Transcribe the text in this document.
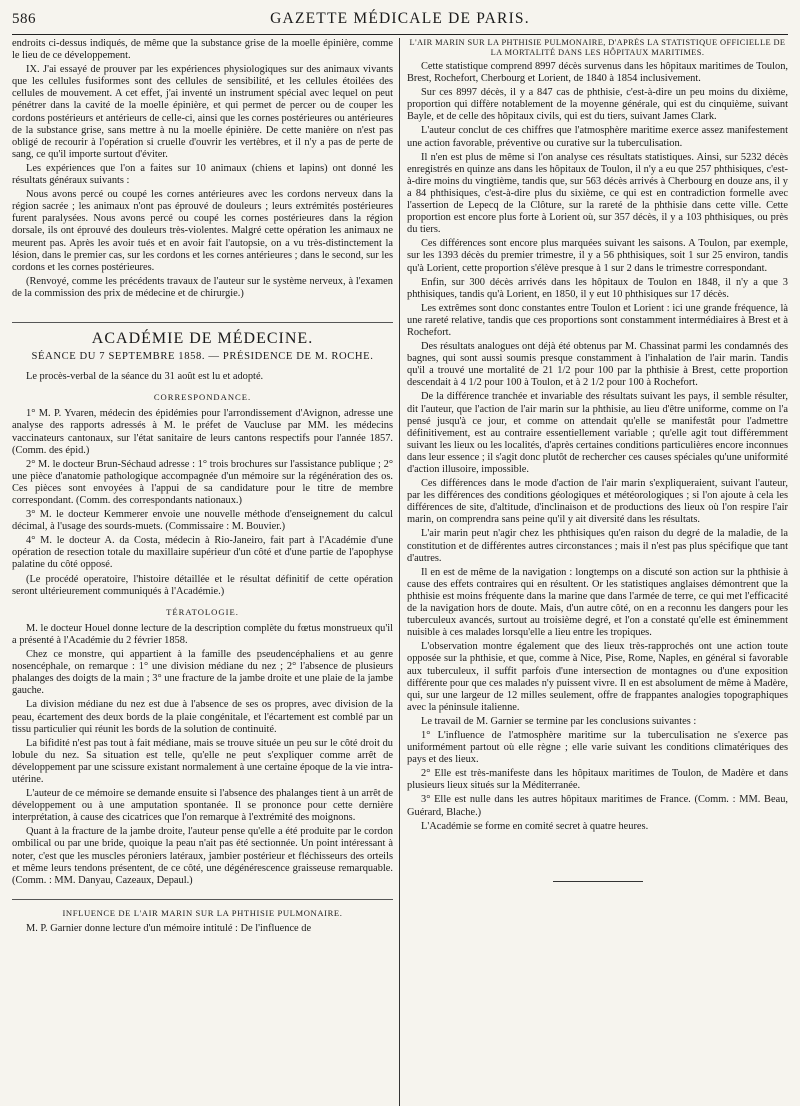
586	GAZETTE MÉDICALE DE PARIS.

endroits ci-dessus indiqués, de même que la substance grise de la moelle épinière, comme le lieu de ce développement.

IX. J'ai essayé de prouver par les expériences physiologiques sur des animaux vivants que les cellules fusiformes sont des cellules de sensibilité, et les cellules étoilées des cellules de mouvement. A cet effet, j'ai inventé un instrument spécial avec lequel on peut pénétrer dans la cavité de la moelle épinière, et qui permet de percer ou de couper les cordons postérieurs et antérieurs de celle-ci, ainsi que les cornes postérieures ou antérieures de la substance grise, sans mettre à nu la moelle épinière. De cette manière on n'est pas obligé de recourir à l'opération si cruelle d'ouvrir les vertèbres, et il n'y a pas de perte de sang, ce qu'il importe surtout d'éviter.

Les expériences que l'on a faites sur 10 animaux (chiens et lapins) ont donné les résultats généraux suivants :

Nous avons percé ou coupé les cornes antérieures avec les cordons nerveux dans la région sacrée ; les animaux n'ont pas éprouvé de douleurs ; leurs extrémités postérieures furent paralysées. Nous avons percé ou coupé les cornes postérieures dans la région dorsale, ils ont éprouvé des douleurs très-violentes. Malgré cette opération les animaux ne meurent pas. Après les avoir tués et en avoir fait l'autopsie, on a vu très-distinctement la lésion, dans le premier cas, sur les cordons et les cornes antérieures ; dans le second, sur les cordons et les cornes postérieures.

(Renvoyé, comme les précédents travaux de l'auteur sur le système nerveux, à l'examen de la commission des prix de médecine et de chirurgie.)

ACADÉMIE DE MÉDECINE.
SÉANCE DU 7 SEPTEMBRE 1858. — PRÉSIDENCE DE M. ROCHE.

Le procès-verbal de la séance du 31 août est lu et adopté.

CORRESPONDANCE.

1° M. P. Yvaren, médecin des épidémies pour l'arrondissement d'Avignon, adresse une analyse des rapports adressés à M. le préfet de Vaucluse par MM. les médecins vaccinateurs cantonaux, sur l'état sanitaire de leurs cantons respectifs pour l'année 1857. (Comm. des épid.)

2° M. le docteur Brun-Séchaud adresse : 1° trois brochures sur l'assistance publique ; 2° une pièce d'anatomie pathologique accompagnée d'un mémoire sur la régénération des os. Ces pièces sont envoyées à l'appui de sa candidature pour le titre de membre correspondant. (Comm. des correspondants nationaux.)

3° M. le docteur Kemmerer envoie une nouvelle méthode d'enseignement du calcul décimal, à l'usage des sourds-muets. (Commissaire : M. Bouvier.)

4° M. le docteur A. da Costa, médecin à Rio-Janeiro, fait part à l'Académie d'une opération de resection totale du maxillaire supérieur d'un côté et d'une partie de l'apophyse palatine du côté opposé.

(Le procédé operatoire, l'histoire détaillée et le résultat définitif de cette opération seront ultérieurement communiqués à l'Académie.)

TÉRATOLOGIE.

M. le docteur Houel donne lecture de la description complète du fœtus monstrueux qu'il a présenté à l'Académie du 2 février 1858.

Chez ce monstre, qui appartient à la famille des pseudencéphaliens et au genre nosencéphale, on remarque : 1° une division médiane du nez ; 2° l'absence de plusieurs phalanges des doigts de la main ; 3° une fracture de la jambe droite et une plaie de la jambe gauche.

La division médiane du nez est due à l'absence de ses os propres, avec division de la peau, écartement des deux bords de la plaie congénitale, et l'écartement est comblé par un tissu particulier qui réunit les bords de la solution de continuité.

La bifidité n'est pas tout à fait médiane, mais se trouve située un peu sur le côté droit du lobule du nez. Sa situation est telle, qu'elle ne peut s'expliquer comme arrêt de développement par une scissure existant normalement à une certaine époque de la vie intra-utérine.

L'auteur de ce mémoire se demande ensuite si l'absence des phalanges tient à un arrêt de développement ou à une amputation spontanée. Il se prononce pour cette dernière interprétation, à cause des cicatrices que l'on remarque à l'extrémité des moignons.

Quant à la fracture de la jambe droite, l'auteur pense qu'elle a été produite par le cordon ombilical ou par une bride, quoique la peau n'ait pas été sectionnée. Un point intéressant à noter, c'est que les muscles péroniers latéraux, jambier postérieur et fléchisseurs des orteils et même leurs tendons présentent, de ce côté, une dégénérescence graisseuse remarquable. (Comm. : MM. Danyau, Cazeaux, Depaul.)

INFLUENCE DE L'AIR MARIN SUR LA PHTHISIE PULMONAIRE.

M. P. Garnier donne lecture d'un mémoire intitulé : De l'influence de

L'AIR MARIN SUR LA PHTHISIE PULMONAIRE, D'APRÈS LA STATISTIQUE OFFICIELLE DE LA MORTALITÉ DANS LES HÔPITAUX MARITIMES.

Cette statistique comprend 8997 décès survenus dans les hôpitaux maritimes de Toulon, Brest, Rochefort, Cherbourg et Lorient, de 1840 à 1854 inclusivement.

Sur ces 8997 décès, il y a 847 cas de phthisie, c'est-à-dire un peu moins du dixième, proportion qui diffère notablement de la moyenne générale, qui est du cinquième, suivant Bayle, et de celle des hôpitaux civils, qui est du tiers, suivant James Clark.

L'auteur conclut de ces chiffres que l'atmosphère maritime exerce assez manifestement une action favorable, préventive ou curative sur la tuberculisation.

Il n'en est plus de même si l'on analyse ces résultats statistiques. Ainsi, sur 5232 décès enregistrés en quinze ans dans les hôpitaux de Toulon, il n'y a eu que 257 phthisiques, c'est-à-dire moins du vingtième, tandis que, sur 563 décès arrivés à Cherbourg en douze ans, il y a 84 phthisiques, c'est-à-dire plus du sixième, ce qui est en contradiction formelle avec l'assertion de Lepecq de la Clôture, sur la rareté de la phthisie dans cette ville. Cette proportion est encore plus forte à Lorient où, sur 357 décès, il y a 103 phthisiques, ou près du tiers.

Ces différences sont encore plus marquées suivant les saisons. A Toulon, par exemple, sur les 1393 décès du premier trimestre, il y a 56 phthisiques, soit 1 sur 25 environ, tandis qu'à Lorient, cette proportion s'élève presque à 1 sur 2 dans le trimestre correspondant.

Enfin, sur 300 décès arrivés dans les hôpitaux de Toulon en 1848, il n'y a que 3 phthisiques, tandis qu'à Lorient, en 1850, il y eut 10 phthisiques sur 17 décès.

Les extrêmes sont donc constantes entre Toulon et Lorient : ici une grande fréquence, là une rareté relative, tandis que ces proportions sont constamment intermédiaires à Brest et à Rochefort.

Des résultats analogues ont déjà été obtenus par M. Chassinat parmi les condamnés des bagnes, qui sont aussi soumis presque constamment à l'inhalation de l'air marin. Tandis qu'il a trouvé une mortalité de 21 1/2 pour 100 par la phthisie à Brest, cette proportion descendait à 4 1/2 pour 100 à Toulon, et à 2 1/2 pour 100 à Rochefort.

De la différence tranchée et invariable des résultats suivant les pays, il semble résulter, dit l'auteur, que l'action de l'air marin sur la phthisie, au lieu d'être uniforme, comme on l'a pensé jusqu'à ce jour, et comme on attendait qu'elle se manifestât pour l'admettre définitivement, est au contraire essentiellement variable ; qu'elle agit tout différemment suivant les lieux ou les localités, d'après certaines conditions particulières encore inconnues dans leur essence ; il s'agit donc plutôt de rechercher ces causes spéciales qu'une uniformité d'action illusoire, impossible.

Ces différences dans le mode d'action de l'air marin s'expliqueraient, suivant l'auteur, par les différences des conditions géologiques et météorologiques ; si l'on ajoute à cela les différences de site, d'altitude, d'inclinaison et de productions des lieux où l'on respire l'air marin, on comprendra sans peine qu'il y ait diversité dans les résultats.

L'air marin peut n'agir chez les phthisiques qu'en raison du degré de la maladie, de la constitution et de différentes autres circonstances ; mais il n'est pas plus spécifique que tant d'autres.

Il en est de même de la navigation : longtemps on a discuté son action sur la phthisie à cause des effets contraires qui en résultent. Or les statistiques anglaises démontrent que la phthisie est moins fréquente dans la marine que dans l'armée de terre, ce qui met l'efficacité de la navigation hors de doute. Mais, d'un autre côté, on en a reconnu les dangers pour les tuberculeux avancés, surtout au troisième degré, et l'on a constaté qu'elle est éminemment nuisible à ces malades lorsqu'elle a lieu entre les tropiques.

L'observation montre également que des lieux très-rapprochés ont une action toute opposée sur la phthisie, et que, comme à Nice, Pise, Rome, Naples, en général si favorable aux tuberculeux, il suffit parfois d'une intersection de montagnes ou d'une exposition différente pour que ces malades n'y puissent vivre. Il en est absolument de même à Madère, qui, sur une largeur de 12 milles seulement, offre de frappantes analogies topographiques avec la péninsule italienne.

Le travail de M. Garnier se termine par les conclusions suivantes :

1° L'influence de l'atmosphère maritime sur la tuberculisation ne s'exerce pas uniformément partout où elle règne ; elle varie suivant les conditions climatériques des pays et des lieux.

2° Elle est très-manifeste dans les hôpitaux maritimes de Toulon, de Madère et dans plusieurs lieux situés sur la Méditerranée.

3° Elle est nulle dans les autres hôpitaux maritimes de France. (Comm. : MM. Beau, Guérard, Blache.)

L'Académie se forme en comité secret à quatre heures.
